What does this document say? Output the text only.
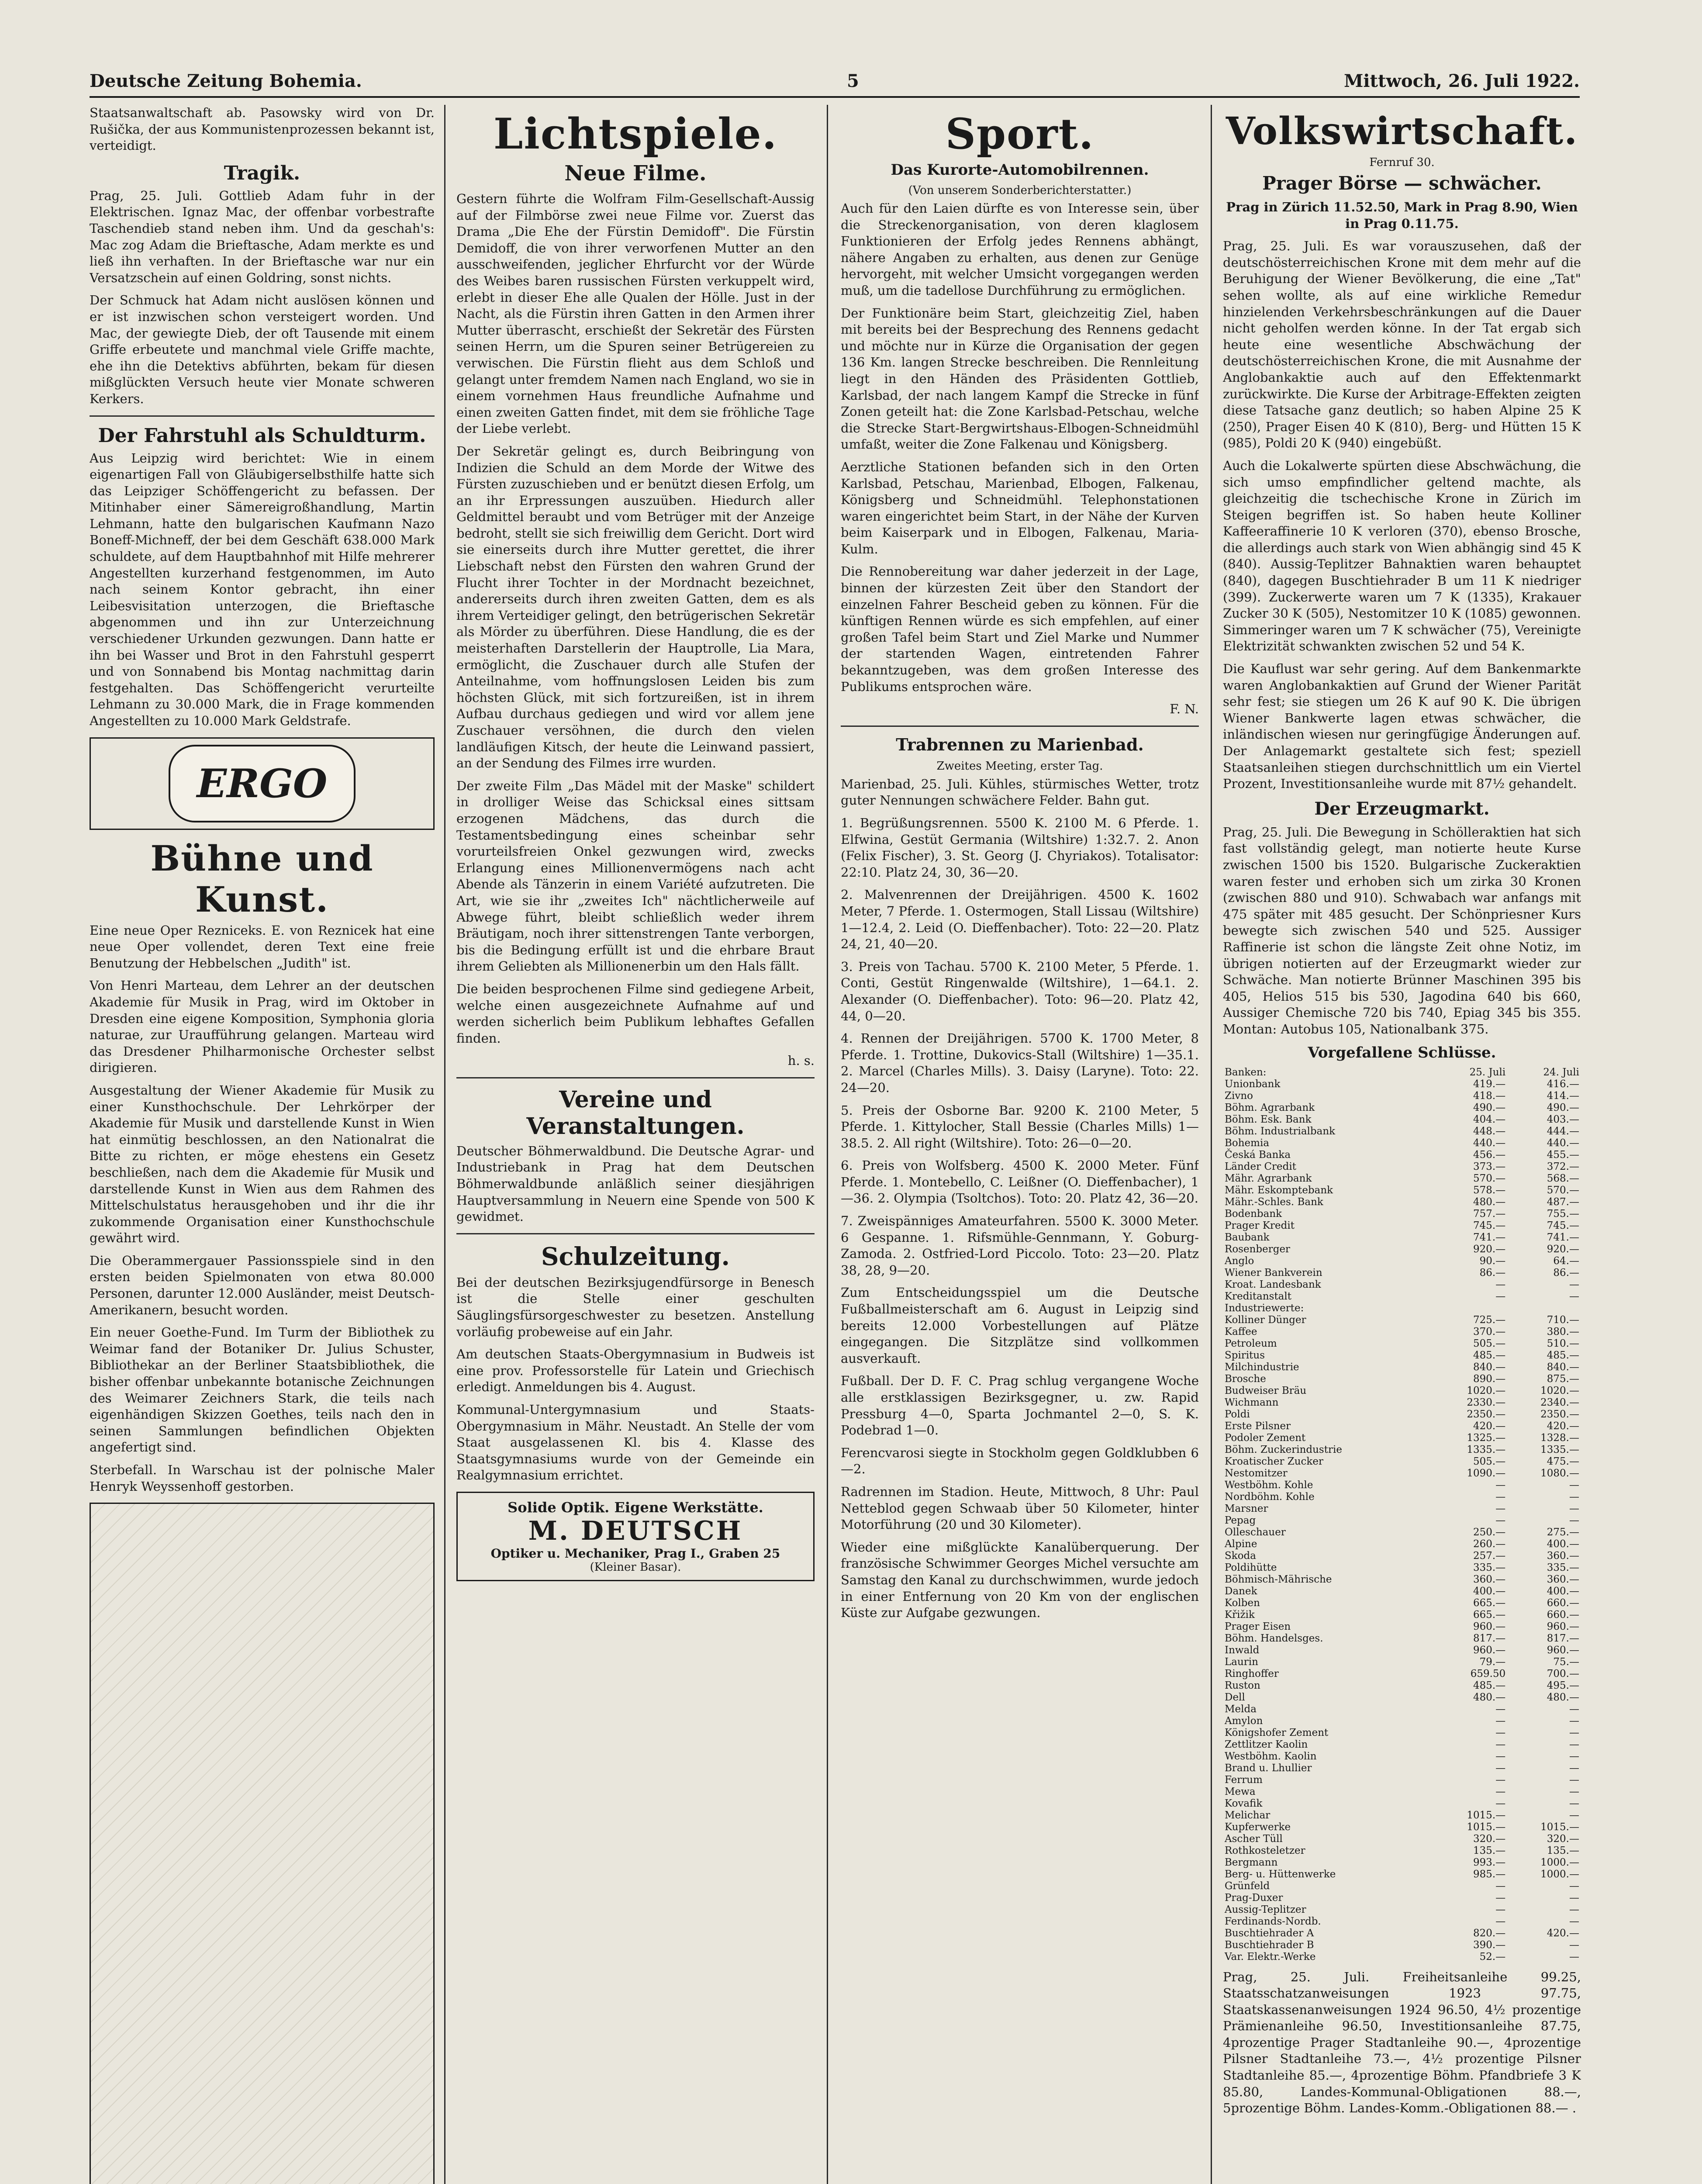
Deutsche Zeitung Bohemia.	5	Mittwoch, 26. Juli 1922.

Staatsanwaltschaft ab. Pasowsky wird von Dr. Rušička, der aus Kommunistenprozessen bekannt ist, verteidigt.

Tragik.

Prag, 25. Juli. Gottlieb Adam fuhr in der Elektrischen. Ignaz Mac, der offenbar vorbestrafte Taschendieb stand neben ihm. Und da geschah's: Mac zog Adam die Brieftasche, Adam merkte es und ließ ihn verhaften. In der Brieftasche war nur ein Versatzschein auf einen Goldring, sonst nichts.

Der Schmuck hat Adam nicht auslösen können und er ist inzwischen schon versteigert worden. Und Mac, der gewiegte Dieb, der oft Tausende mit einem Griffe erbeutete und manchmal viele Griffe machte, ehe ihn die Detektivs abführten, bekam für diesen mißglückten Versuch heute vier Monate schweren Kerkers.

Der Fahrstuhl als Schuldturm.

Aus Leipzig wird berichtet: Wie in einem eigenartigen Fall von Gläubigerselbsthilfe hatte sich das Leipziger Schöffengericht zu befassen. Der Mitinhaber einer Sämereigroßhandlung, Martin Lehmann, hatte den bulgarischen Kaufmann Nazo Boneff-Michneff, der bei dem Geschäft 638.000 Mark schuldete, auf dem Hauptbahnhof mit Hilfe mehrerer Angestellten kurzerhand festgenommen, im Auto nach seinem Kontor gebracht, ihn einer Leibesvisitation unterzogen, die Brieftasche abgenommen und ihn zur Unterzeichnung verschiedener Urkunden gezwungen. Dann hatte er ihn bei Wasser und Brot in den Fahrstuhl gesperrt und von Sonnabend bis Montag nachmittag darin festgehalten. Das Schöffengericht verurteilte Lehmann zu 30.000 Mark, die in Frage kommenden Angestellten zu 10.000 Mark Geldstrafe.

ERGO
Bühne und Kunst.

Eine neue Oper Rezniceks. E. von Reznicek hat eine neue Oper vollendet, deren Text eine freie Benutzung der Hebbelschen „Judith" ist.

Von Henri Marteau, dem Lehrer an der deutschen Akademie für Musik in Prag, wird im Oktober in Dresden eine eigene Komposition, Symphonia gloria naturae, zur Uraufführung gelangen. Marteau wird das Dresdener Philharmonische Orchester selbst dirigieren.

Ausgestaltung der Wiener Akademie für Musik zu einer Kunsthochschule. Der Lehrkörper der Akademie für Musik und darstellende Kunst in Wien hat einmütig beschlossen, an den Nationalrat die Bitte zu richten, er möge ehestens ein Gesetz beschließen, nach dem die Akademie für Musik und darstellende Kunst in Wien aus dem Rahmen des Mittelschulstatus herausgehoben und ihr die ihr zukommende Organisation einer Kunsthochschule gewährt wird.

Die Oberammergauer Passionsspiele sind in den ersten beiden Spielmonaten von etwa 80.000 Personen, darunter 12.000 Ausländer, meist Deutsch-Amerikanern, besucht worden.

Ein neuer Goethe-Fund. Im Turm der Bibliothek zu Weimar fand der Botaniker Dr. Julius Schuster, Bibliothekar an der Berliner Staatsbibliothek, die bisher offenbar unbekannte botanische Zeichnungen des Weimarer Zeichners Stark, die teils nach eigenhändigen Skizzen Goethes, teils nach den in seinen Sammlungen befindlichen Objekten angefertigt sind.

Sterbefall. In Warschau ist der polnische Maler Henryk Weyssenhoff gestorben.

Lichtspiele.
Neue Filme.

Gestern führte die Wolfram Film-Gesellschaft-Aussig auf der Filmbörse zwei neue Filme vor. Zuerst das Drama „Die Ehe der Fürstin Demidoff". Die Fürstin Demidoff, die von ihrer verworfenen Mutter an den ausschweifenden, jeglicher Ehrfurcht vor der Würde des Weibes baren russischen Fürsten verkuppelt wird, erlebt in dieser Ehe alle Qualen der Hölle. Just in der Nacht, als die Fürstin ihren Gatten in den Armen ihrer Mutter überrascht, erschießt der Sekretär des Fürsten seinen Herrn, um die Spuren seiner Betrügereien zu verwischen. Die Fürstin flieht aus dem Schloß und gelangt unter fremdem Namen nach England, wo sie in einem vornehmen Haus freundliche Aufnahme und einen zweiten Gatten findet, mit dem sie fröhliche Tage der Liebe verlebt.

Der Sekretär gelingt es, durch Beibringung von Indizien die Schuld an dem Morde der Witwe des Fürsten zuzuschieben und er benützt diesen Erfolg, um an ihr Erpressungen auszuüben. Hiedurch aller Geldmittel beraubt und vom Betrüger mit der Anzeige bedroht, stellt sie sich freiwillig dem Gericht. Dort wird sie einerseits durch ihre Mutter gerettet, die ihrer Liebschaft nebst den Fürsten den wahren Grund der Flucht ihrer Tochter in der Mordnacht bezeichnet, andererseits durch ihren zweiten Gatten, dem es als ihrem Verteidiger gelingt, den betrügerischen Sekretär als Mörder zu überführen. Diese Handlung, die es der meisterhaften Darstellerin der Hauptrolle, Lia Mara, ermöglicht, die Zuschauer durch alle Stufen der Anteilnahme, vom hoffnungslosen Leiden bis zum höchsten Glück, mit sich fortzureißen, ist in ihrem Aufbau durchaus gediegen und wird vor allem jene Zuschauer versöhnen, die durch den vielen landläufigen Kitsch, der heute die Leinwand passiert, an der Sendung des Filmes irre wurden.

Der zweite Film „Das Mädel mit der Maske" schildert in drolliger Weise das Schicksal eines sittsam erzogenen Mädchens, das durch die Testamentsbedingung eines scheinbar sehr vorurteilsfreien Onkel gezwungen wird, zwecks Erlangung eines Millionenvermögens nach acht Abende als Tänzerin in einem Variété aufzutreten. Die Art, wie sie ihr „zweites Ich" nächtlicherweile auf Abwege führt, bleibt schließlich weder ihrem Bräutigam, noch ihrer sittenstrengen Tante verborgen, bis die Bedingung erfüllt ist und die ehrbare Braut ihrem Geliebten als Millionenerbin um den Hals fällt.

Die beiden besprochenen Filme sind gediegene Arbeit, welche einen ausgezeichnete Aufnahme auf und werden sicherlich beim Publikum lebhaftes Gefallen finden.

h. s.

Vereine und Veranstaltungen.

Deutscher Böhmerwaldbund. Die Deutsche Agrar- und Industriebank in Prag hat dem Deutschen Böhmerwaldbunde anläßlich seiner diesjährigen Hauptversammlung in Neuern eine Spende von 500 K gewidmet.

Schulzeitung.

Bei der deutschen Bezirksjugendfürsorge in Benesch ist die Stelle einer geschulten Säuglingsfürsorgeschwester zu besetzen. Anstellung vorläufig probeweise auf ein Jahr.

Am deutschen Staats-Obergymnasium in Budweis ist eine prov. Professorstelle für Latein und Griechisch erledigt. Anmeldungen bis 4. August.

Kommunal-Untergymnasium und Staats-Obergymnasium in Mähr. Neustadt. An Stelle der vom Staat ausgelassenen Kl. bis 4. Klasse des Staatsgymnasiums wurde von der Gemeinde ein Realgymnasium errichtet.

Solide Optik. Eigene Werkstätte.
M. DEUTSCH
Optiker u. Mechaniker, Prag I., Graben 25
(Kleiner Basar).
Sport.
Das Kurorte-Automobilrennen.
(Von unserem Sonderberichterstatter.)

Auch für den Laien dürfte es von Interesse sein, über die Streckenorganisation, von deren klaglosem Funktionieren der Erfolg jedes Rennens abhängt, nähere Angaben zu erhalten, aus denen zur Genüge hervorgeht, mit welcher Umsicht vorgegangen werden muß, um die tadellose Durchführung zu ermöglichen.

Der Funktionäre beim Start, gleichzeitig Ziel, haben mit bereits bei der Besprechung des Rennens gedacht und möchte nur in Kürze die Organisation der gegen 136 Km. langen Strecke beschreiben. Die Rennleitung liegt in den Händen des Präsidenten Gottlieb, Karlsbad, der nach langem Kampf die Strecke in fünf Zonen geteilt hat: die Zone Karlsbad-Petschau, welche die Strecke Start-Bergwirtshaus-Elbogen-Schneidmühl umfaßt, weiter die Zone Falkenau und Königsberg.

Aerztliche Stationen befanden sich in den Orten Karlsbad, Petschau, Marienbad, Elbogen, Falkenau, Königsberg und Schneidmühl. Telephonstationen waren eingerichtet beim Start, in der Nähe der Kurven beim Kaiserpark und in Elbogen, Falkenau, Maria-Kulm.

Die Rennobereitung war daher jederzeit in der Lage, binnen der kürzesten Zeit über den Standort der einzelnen Fahrer Bescheid geben zu können. Für die künftigen Rennen würde es sich empfehlen, auf einer großen Tafel beim Start und Ziel Marke und Nummer der startenden Wagen, eintretenden Fahrer bekanntzugeben, was dem großen Interesse des Publikums entsprochen wäre.

F. N.

Trabrennen zu Marienbad.
Zweites Meeting, erster Tag.

Marienbad, 25. Juli. Kühles, stürmisches Wetter, trotz guter Nennungen schwächere Felder. Bahn gut.

1. Begrüßungsrennen. 5500 K. 2100 M. 6 Pferde. 1. Elfwina, Gestüt Germania (Wiltshire) 1:32.7. 2. Anon (Felix Fischer), 3. St. Georg (J. Chyriakos). Totalisator: 22:10. Platz 24, 30, 36—20.

2. Malvenrennen der Dreijährigen. 4500 K. 1602 Meter, 7 Pferde. 1. Ostermogen, Stall Lissau (Wiltshire) 1—12.4, 2. Leid (O. Dieffenbacher). Toto: 22—20. Platz 24, 21, 40—20.

3. Preis von Tachau. 5700 K. 2100 Meter, 5 Pferde. 1. Conti, Gestüt Ringenwalde (Wiltshire), 1—64.1. 2. Alexander (O. Dieffenbacher). Toto: 96—20. Platz 42, 44, 0—20.

4. Rennen der Dreijährigen. 5700 K. 1700 Meter, 8 Pferde. 1. Trottine, Dukovics-Stall (Wiltshire) 1—35.1. 2. Marcel (Charles Mills). 3. Daisy (Laryne). Toto: 22. 24—20.

5. Preis der Osborne Bar. 9200 K. 2100 Meter, 5 Pferde. 1. Kittylocher, Stall Bessie (Charles Mills) 1—38.5. 2. All right (Wiltshire). Toto: 26—0—20.

6. Preis von Wolfsberg. 4500 K. 2000 Meter. Fünf Pferde. 1. Montebello, C. Leißner (O. Dieffenbacher), 1—36. 2. Olympia (Tsoltchos). Toto: 20. Platz 42, 36—20.

7. Zweispänniges Amateurfahren. 5500 K. 3000 Meter. 6 Gespanne. 1. Rifsmühle-Gennmann, Y. Goburg-Zamoda. 2. Ostfried-Lord Piccolo. Toto: 23—20. Platz 38, 28, 9—20.

Zum Entscheidungsspiel um die Deutsche Fußballmeisterschaft am 6. August in Leipzig sind bereits 12.000 Vorbestellungen auf Plätze eingegangen. Die Sitzplätze sind vollkommen ausverkauft.

Fußball. Der D. F. C. Prag schlug vergangene Woche alle erstklassigen Bezirksgegner, u. zw. Rapid Pressburg 4—0, Sparta Jochmantel 2—0, S. K. Podebrad 1—0.

Ferencvarosi siegte in Stockholm gegen Goldklubben 6—2.

Radrennen im Stadion. Heute, Mittwoch, 8 Uhr: Paul Netteblod gegen Schwaab über 50 Kilometer, hinter Motorführung (20 und 30 Kilometer).

Wieder eine mißglückte Kanalüberquerung. Der französische Schwimmer Georges Michel versuchte am Samstag den Kanal zu durchschwimmen, wurde jedoch in einer Entfernung von 20 Km von der englischen Küste zur Aufgabe gezwungen.

Volkswirtschaft.
Fernruf 30.
Prager Börse — schwächer.

Prag in Zürich 11.52.50, Mark in Prag 8.90, Wien in Prag 0.11.75.

Prag, 25. Juli. Es war vorauszusehen, daß der deutschösterreichischen Krone mit dem mehr auf die Beruhigung der Wiener Bevölkerung, die eine „Tat" sehen wollte, als auf eine wirkliche Remedur hinzielenden Verkehrsbeschränkungen auf die Dauer nicht geholfen werden könne. In der Tat ergab sich heute eine wesentliche Abschwächung der deutschösterreichischen Krone, die mit Ausnahme der Anglobankaktie auch auf den Effektenmarkt zurückwirkte. Die Kurse der Arbitrage-Effekten zeigten diese Tatsache ganz deutlich; so haben Alpine 25 K (250), Prager Eisen 40 K (810), Berg- und Hütten 15 K (985), Poldi 20 K (940) eingebüßt.

Auch die Lokalwerte spürten diese Abschwächung, die sich umso empfindlicher geltend machte, als gleichzeitig die tschechische Krone in Zürich im Steigen begriffen ist. So haben heute Kolliner Kaffeeraffinerie 10 K verloren (370), ebenso Brosche, die allerdings auch stark von Wien abhängig sind 45 K (840). Aussig-Teplitzer Bahnaktien waren behauptet (840), dagegen Buschtiehrader B um 11 K niedriger (399). Zuckerwerte waren um 7 K (1335), Krakauer Zucker 30 K (505), Nestomitzer 10 K (1085) gewonnen. Simmeringer waren um 7 K schwächer (75), Vereinigte Elektrizität schwankten zwischen 52 und 54 K.

Die Kauflust war sehr gering. Auf dem Bankenmarkte waren Anglobankaktien auf Grund der Wiener Parität sehr fest; sie stiegen um 26 K auf 90 K. Die übrigen Wiener Bankwerte lagen etwas schwächer, die inländischen wiesen nur geringfügige Änderungen auf. Der Anlagemarkt gestaltete sich fest; speziell Staatsanleihen stiegen durchschnittlich um ein Viertel Prozent, Investitionsanleihe wurde mit 87½ gehandelt.

Der Erzeugmarkt.

Prag, 25. Juli. Die Bewegung in Schölleraktien hat sich fast vollständig gelegt, man notierte heute Kurse zwischen 1500 bis 1520. Bulgarische Zuckeraktien waren fester und erhoben sich um zirka 30 Kronen (zwischen 880 und 910). Schwabach war anfangs mit 475 später mit 485 gesucht. Der Schönpriesner Kurs bewegte sich zwischen 540 und 525. Aussiger Raffinerie ist schon die längste Zeit ohne Notiz, im übrigen notierten auf der Erzeugmarkt wieder zur Schwäche. Man notierte Brünner Maschinen 395 bis 405, Helios 515 bis 530, Jagodina 640 bis 660, Aussiger Chemische 720 bis 740, Epiag 345 bis 355. Montan: Autobus 105, Nationalbank 375.

Vorgefallene Schlüsse.
Banken:	25. Juli	24. Juli
Unionbank	419.—	416.—
Zivno	418.—	414.—
Böhm. Agrarbank	490.—	490.—
Böhm. Esk. Bank	404.—	403.—
Böhm. Industrialbank	448.—	444.—
Bohemia	440.—	440.—
Česká Banka	456.—	455.—
Länder Credit	373.—	372.—
Mähr. Agrarbank	570.—	568.—
Mähr. Eskomptebank	578.—	570.—
Mähr.-Schles. Bank	480.—	487.—
Bodenbank	757.—	755.—
Prager Kredit	745.—	745.—
Baubank	741.—	741.—
Rosenberger	920.—	920.—
Anglo	90.—	64.—
Wiener Bankverein	86.—	86.—
Kroat. Landesbank	—	—
Kreditanstalt	—	—
Industriewerte:		
Kolliner Dünger	725.—	710.—
Kaffee	370.—	380.—
Petroleum	505.—	510.—
Spiritus	485.—	485.—
Milchindustrie	840.—	840.—
Brosche	890.—	875.—
Budweiser Bräu	1020.—	1020.—
Wichmann	2330.—	2340.—
Poldi	2350.—	2350.—
Erste Pilsner	420.—	420.—
Podoler Zement	1325.—	1328.—
Böhm. Zuckerindustrie	1335.—	1335.—
Kroatischer Zucker	505.—	475.—
Nestomitzer	1090.—	1080.—
Westböhm. Kohle	—	—
Nordböhm. Kohle	—	—
Marsner	—	—
Pepag	—	—
Olleschauer	250.—	275.—
Alpine	260.—	400.—
Skoda	257.—	360.—
Poldihütte	335.—	335.—
Böhmisch-Mährische	360.—	360.—
Danek	400.—	400.—
Kolben	665.—	660.—
Křižik	665.—	660.—
Prager Eisen	960.—	960.—
Böhm. Handelsges.	817.—	817.—
Inwald	960.—	960.—
Laurin	79.—	75.—
Ringhoffer	659.50	700.—
Ruston	485.—	495.—
Dell	480.—	480.—
Melda	—	—
Amylon	—	—
Königshofer Zement	—	—
Zettlitzer Kaolin	—	—
Westböhm. Kaolin	—	—
Brand u. Lhullier	—	—
Ferrum	—	—
Mewa	—	—
Kovafik	—	—
Melichar	1015.—	—
Kupferwerke	1015.—	1015.—
Ascher Tüll	320.—	320.—
Rothkosteletzer	135.—	135.—
Bergmann	993.—	1000.—
Berg- u. Hüttenwerke	985.—	1000.—
Grünfeld	—	—
Prag-Duxer	—	—
Aussig-Teplitzer	—	—
Ferdinands-Nordb.	—	—
Buschtiehrader A	820.—	420.—
Buschtiehrader B	390.—	—
Var. Elektr.-Werke	52.—	—

Prag, 25. Juli. Freiheitsanleihe 99.25, Staatsschatzanweisungen 1923 97.75, Staatskassenanweisungen 1924 96.50, 4½ prozentige Prämienanleihe 96.50, Investitionsanleihe 87.75, 4prozentige Prager Stadtanleihe 90.—, 4prozentige Pilsner Stadtanleihe 73.—, 4½ prozentige Pilsner Stadtanleihe 85.—, 4prozentige Böhm. Pfandbriefe 3 K 85.80, Landes-Kommunal-Obligationen 88.—, 5prozentige Böhm. Landes-Komm.-Obligationen 88.— .
